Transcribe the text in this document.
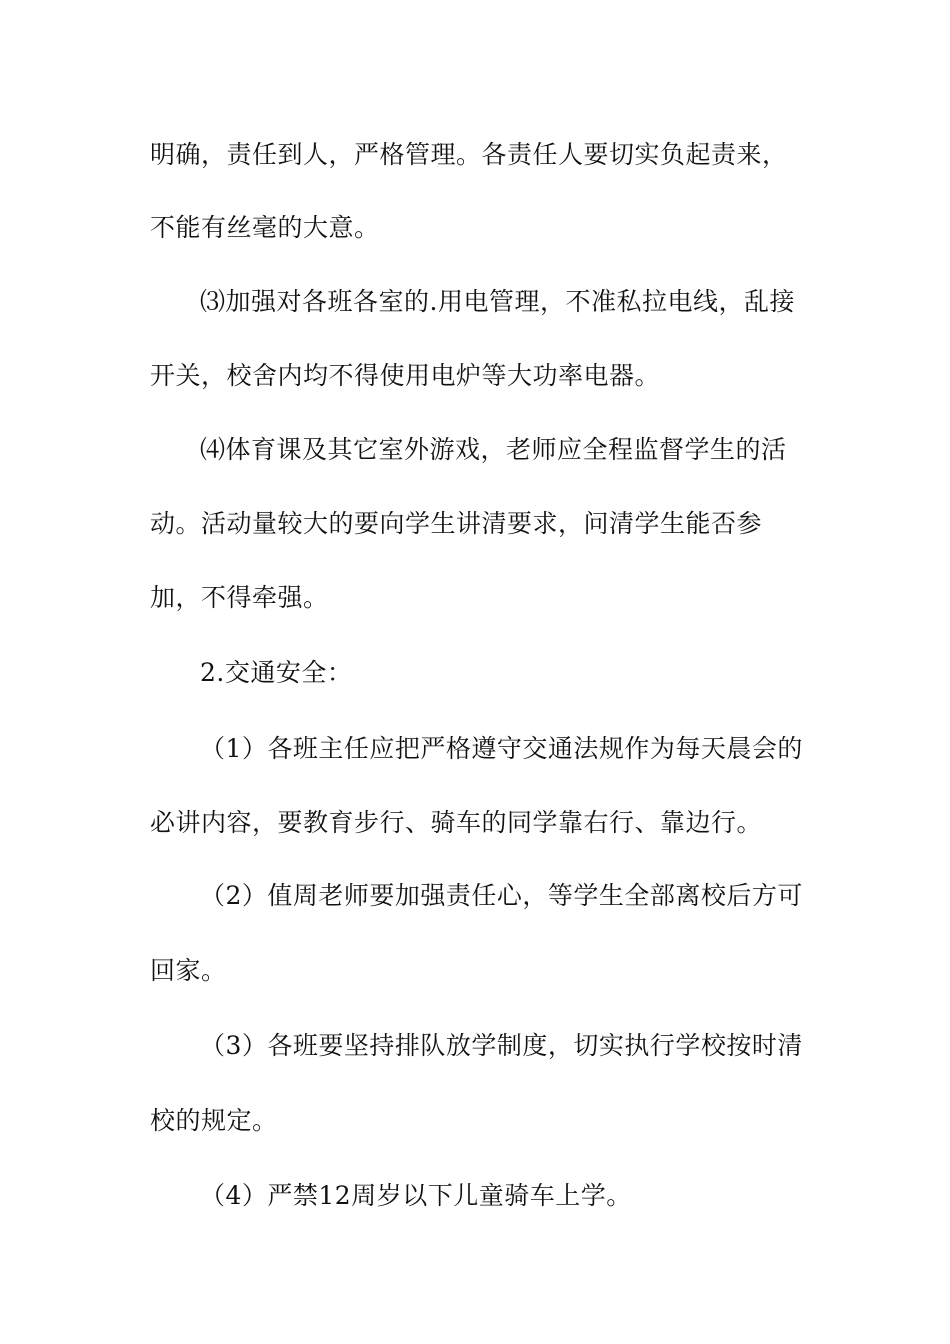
明确，责任到人，严格管理。各责任人要切实负起责来，
不能有丝毫的大意。
⑶加强对各班各室的.用电管理，不准私拉电线，乱接
开关，校舍内均不得使用电炉等大功率电器。
⑷体育课及其它室外游戏，老师应全程监督学生的活
动。活动量较大的要向学生讲清要求，问清学生能否参
加，不得牵强。
2.交通安全：
（1）各班主任应把严格遵守交通法规作为每天晨会的
必讲内容，要教育步行、骑车的同学靠右行、靠边行。
（2）值周老师要加强责任心，等学生全部离校后方可
回家。
（3）各班要坚持排队放学制度，切实执行学校按时清
校的规定。
（4）严禁12周岁以下儿童骑车上学。
